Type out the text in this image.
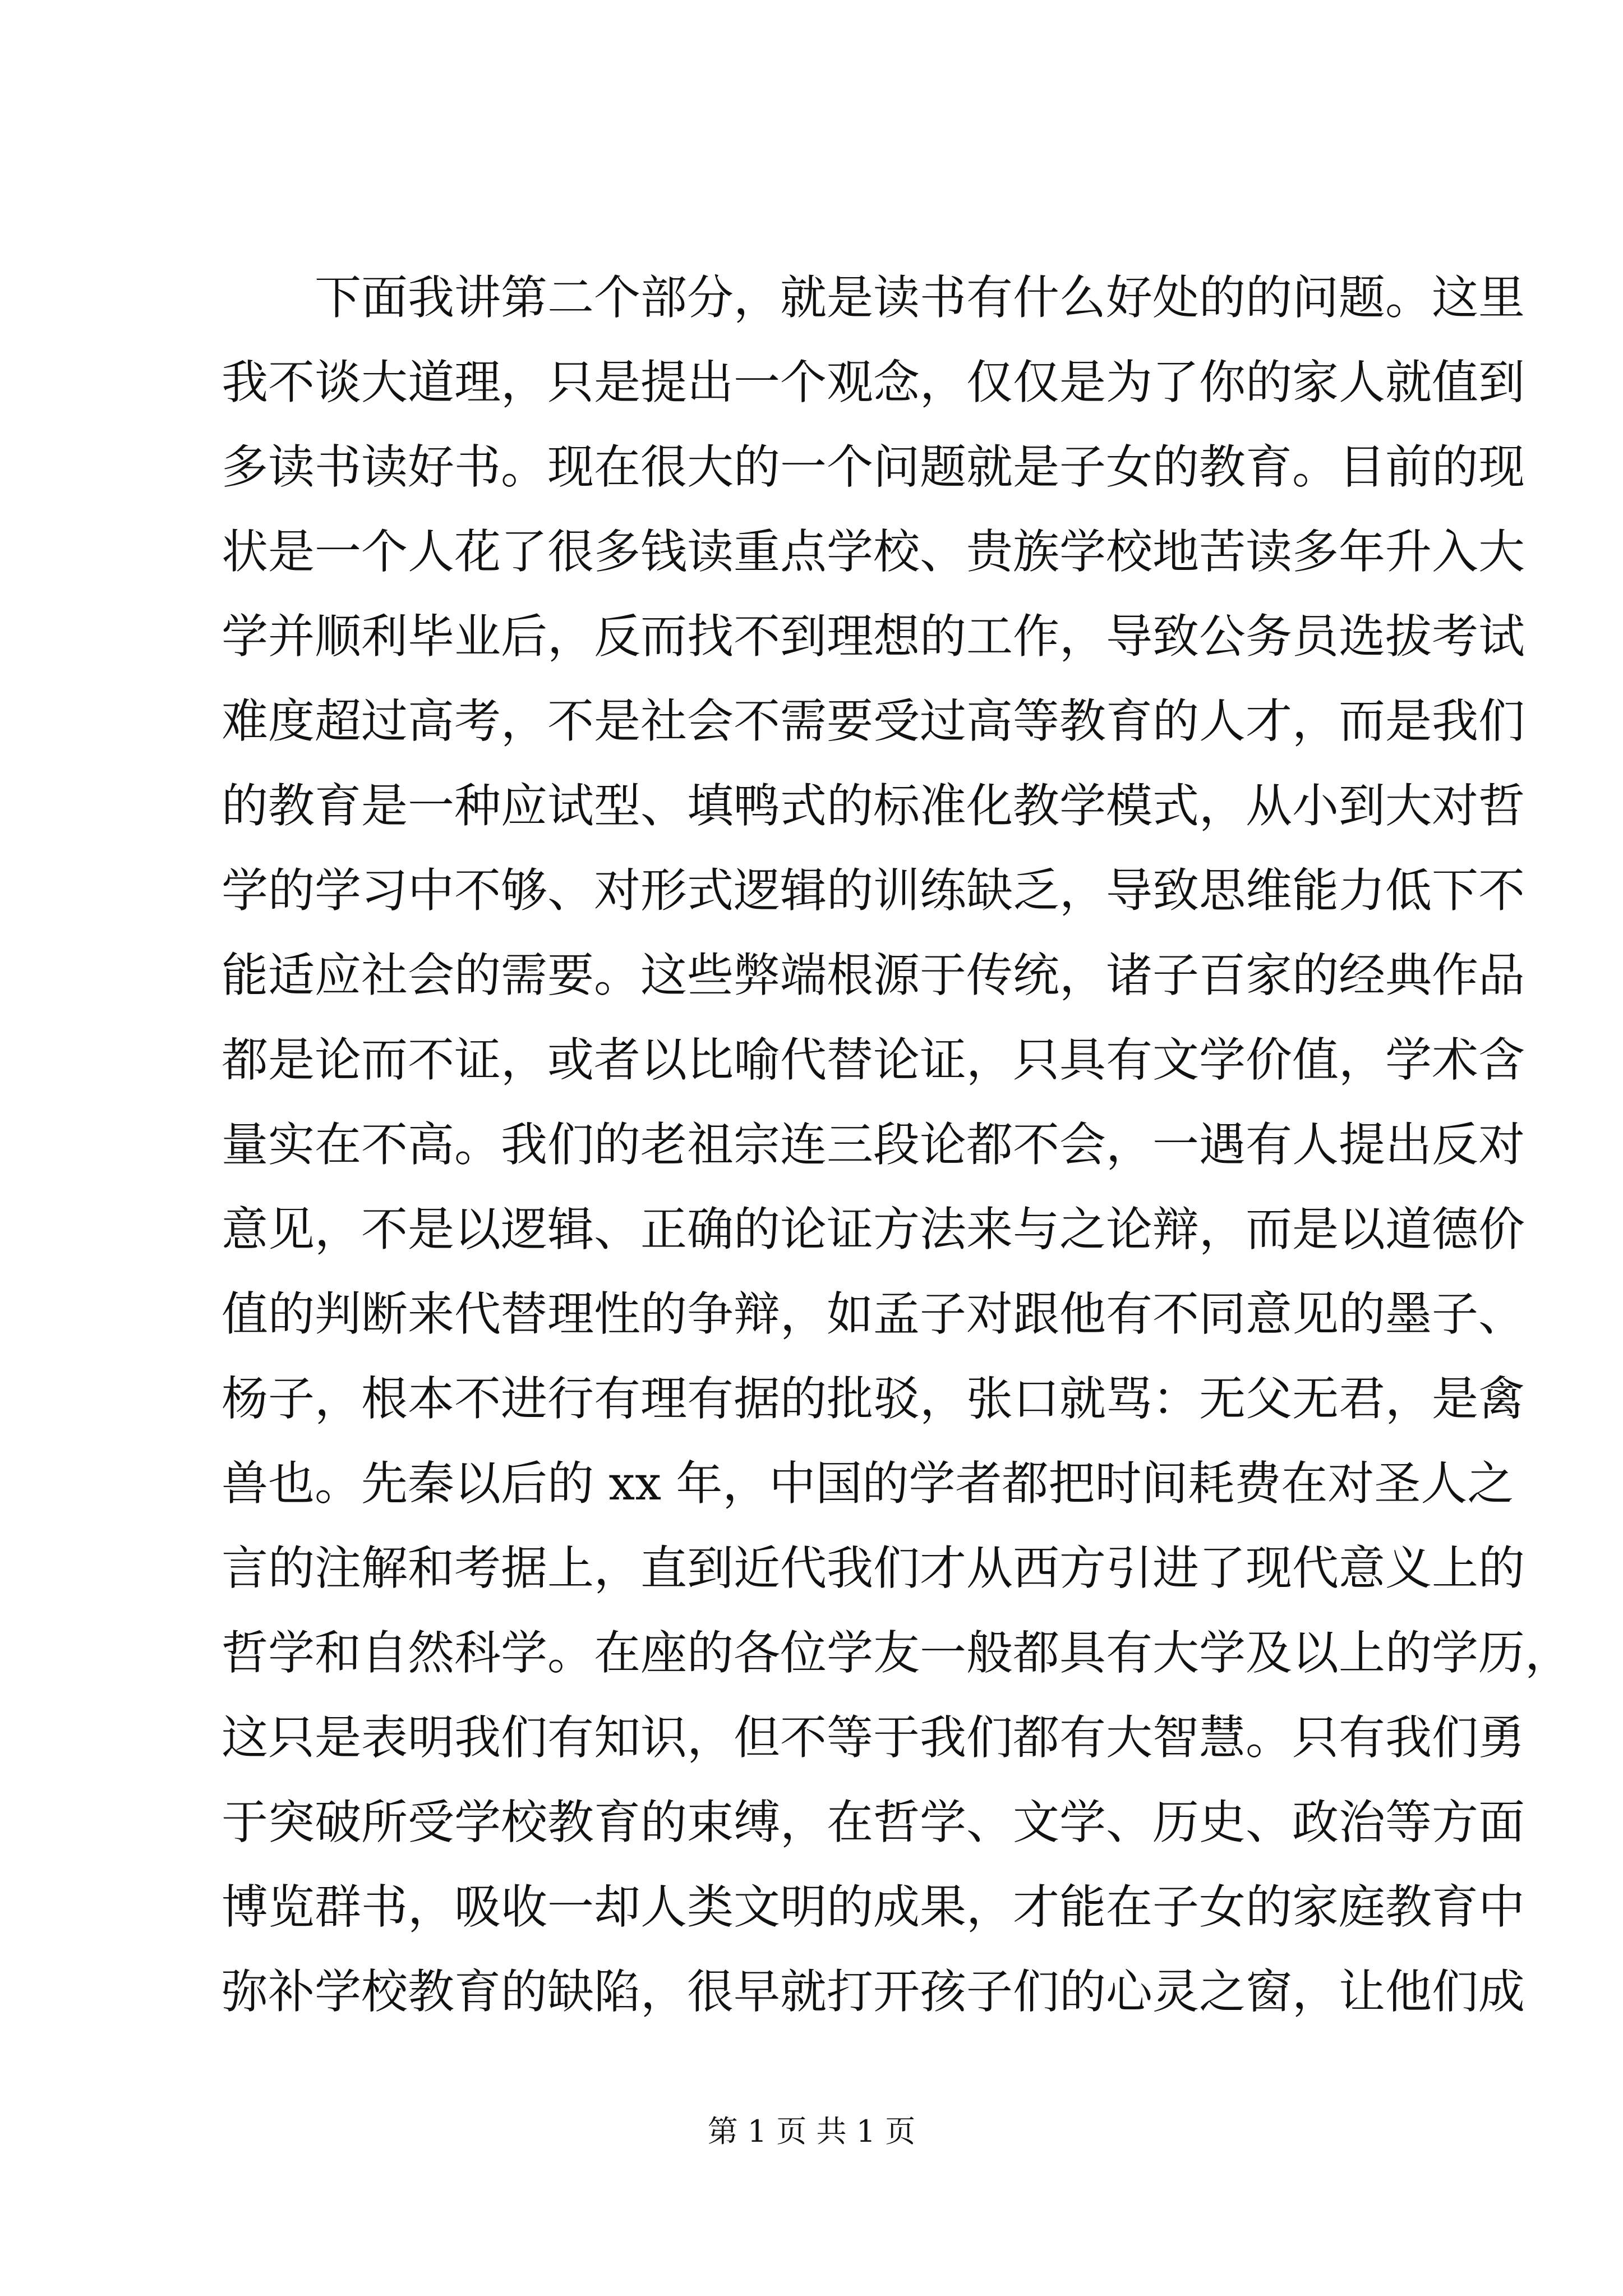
　　下面我讲第二个部分，就是读书有什么好处的的问题。这里
我不谈大道理，只是提出一个观念，仅仅是为了你的家人就值到
多读书读好书。现在很大的一个问题就是子女的教育。目前的现
状是一个人花了很多钱读重点学校、贵族学校地苦读多年升入大
学并顺利毕业后，反而找不到理想的工作，导致公务员选拔考试
难度超过高考，不是社会不需要受过高等教育的人才，而是我们
的教育是一种应试型、填鸭式的标准化教学模式，从小到大对哲
学的学习中不够、对形式逻辑的训练缺乏，导致思维能力低下不
能适应社会的需要。这些弊端根源于传统，诸子百家的经典作品
都是论而不证，或者以比喻代替论证，只具有文学价值，学术含
量实在不高。我们的老祖宗连三段论都不会，一遇有人提出反对
意见，不是以逻辑、正确的论证方法来与之论辩，而是以道德价
值的判断来代替理性的争辩，如孟子对跟他有不同意见的墨子、
杨子，根本不进行有理有据的批驳，张口就骂：无父无君，是禽
兽也。先秦以后的 xx 年，中国的学者都把时间耗费在对圣人之
言的注解和考据上，直到近代我们才从西方引进了现代意义上的
哲学和自然科学。在座的各位学友一般都具有大学及以上的学历，
这只是表明我们有知识，但不等于我们都有大智慧。只有我们勇
于突破所受学校教育的束缚，在哲学、文学、历史、政治等方面
博览群书，吸收一却人类文明的成果，才能在子女的家庭教育中
弥补学校教育的缺陷，很早就打开孩子们的心灵之窗，让他们成
第 1 页 共 1 页
